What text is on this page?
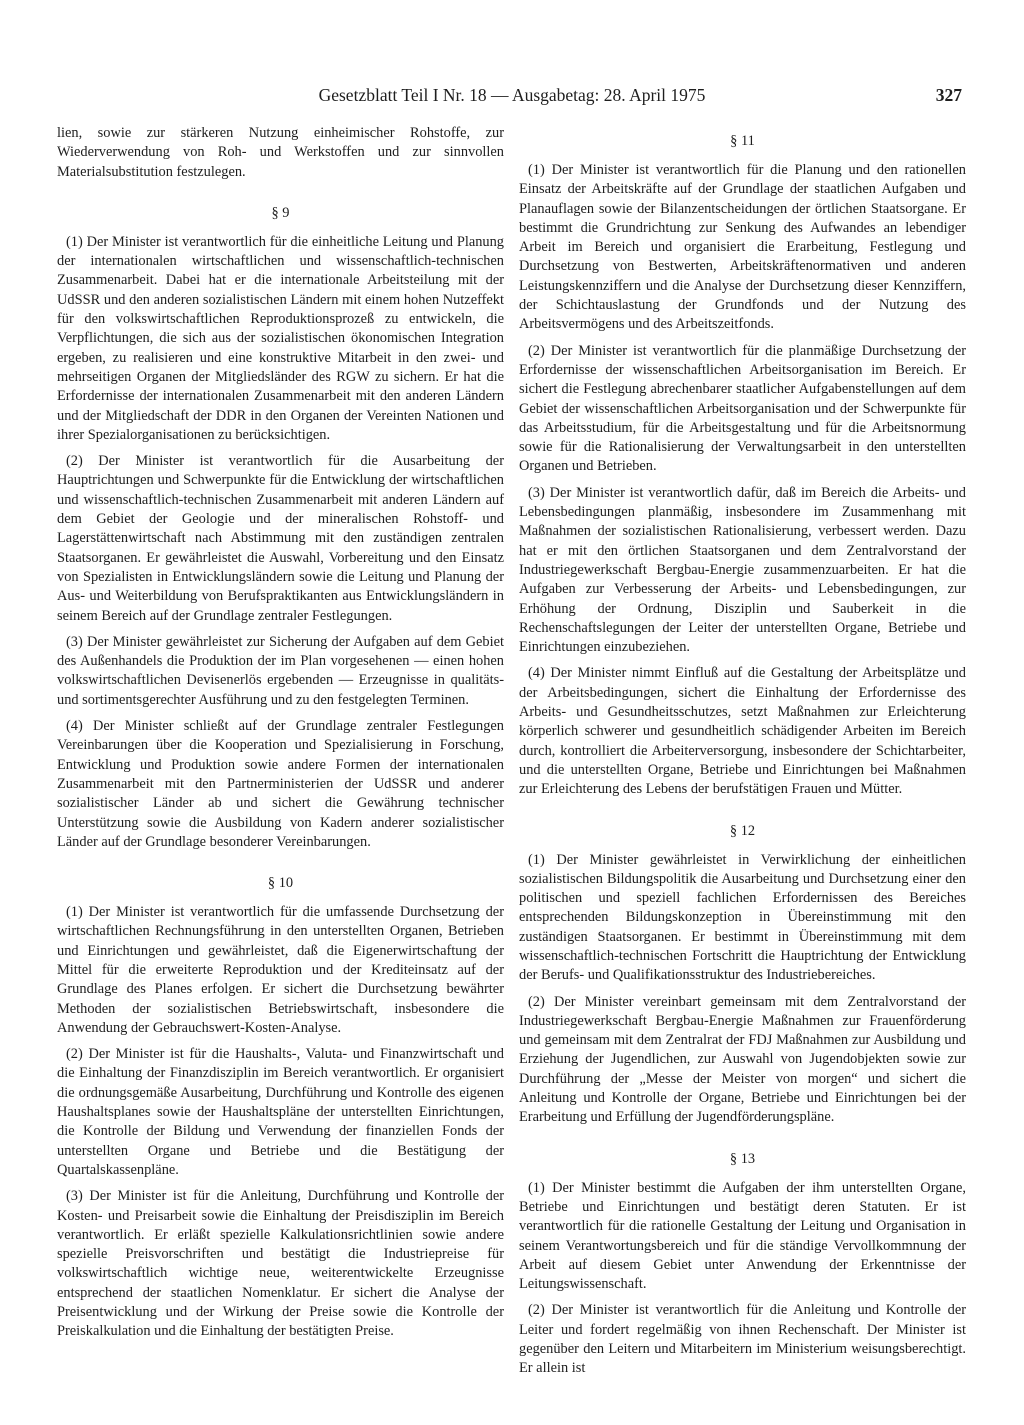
Gesetzblatt Teil I Nr. 18 — Ausgabetag: 28. April 1975	327

lien, sowie zur stärkeren Nutzung einheimischer Rohstoffe, zur Wiederverwendung von Roh- und Werkstoffen und zur sinnvollen Materialsubstitution festzulegen.

§ 9

(1) Der Minister ist verantwortlich für die einheitliche Leitung und Planung der internationalen wirtschaftlichen und wissenschaftlich-technischen Zusammenarbeit. Dabei hat er die internationale Arbeitsteilung mit der UdSSR und den anderen sozialistischen Ländern mit einem hohen Nutzeffekt für den volkswirtschaftlichen Reproduktionsprozeß zu entwickeln, die Verpflichtungen, die sich aus der sozialistischen ökonomischen Integration ergeben, zu realisieren und eine konstruktive Mitarbeit in den zwei- und mehrseitigen Organen der Mitgliedsländer des RGW zu sichern. Er hat die Erfordernisse der internationalen Zusammenarbeit mit den anderen Ländern und der Mitgliedschaft der DDR in den Organen der Vereinten Nationen und ihrer Spezialorganisationen zu berücksichtigen.

(2) Der Minister ist verantwortlich für die Ausarbeitung der Hauptrichtungen und Schwerpunkte für die Entwicklung der wirtschaftlichen und wissenschaftlich-technischen Zusammenarbeit mit anderen Ländern auf dem Gebiet der Geologie und der mineralischen Rohstoff- und Lagerstättenwirtschaft nach Abstimmung mit den zuständigen zentralen Staatsorganen. Er gewährleistet die Auswahl, Vorbereitung und den Einsatz von Spezialisten in Entwicklungsländern sowie die Leitung und Planung der Aus- und Weiterbildung von Berufspraktikanten aus Entwicklungsländern in seinem Bereich auf der Grundlage zentraler Festlegungen.

(3) Der Minister gewährleistet zur Sicherung der Aufgaben auf dem Gebiet des Außenhandels die Produktion der im Plan vorgesehenen — einen hohen volkswirtschaftlichen Devisenerlös ergebenden — Erzeugnisse in qualitäts- und sortimentsgerechter Ausführung und zu den festgelegten Terminen.

(4) Der Minister schließt auf der Grundlage zentraler Festlegungen Vereinbarungen über die Kooperation und Spezialisierung in Forschung, Entwicklung und Produktion sowie andere Formen der internationalen Zusammenarbeit mit den Partnerministerien der UdSSR und anderer sozialistischer Länder ab und sichert die Gewährung technischer Unterstützung sowie die Ausbildung von Kadern anderer sozialistischer Länder auf der Grundlage besonderer Vereinbarungen.

§ 10

(1) Der Minister ist verantwortlich für die umfassende Durchsetzung der wirtschaftlichen Rechnungsführung in den unterstellten Organen, Betrieben und Einrichtungen und gewährleistet, daß die Eigenerwirtschaftung der Mittel für die erweiterte Reproduktion und der Krediteinsatz auf der Grundlage des Planes erfolgen. Er sichert die Durchsetzung bewährter Methoden der sozialistischen Betriebswirtschaft, insbesondere die Anwendung der Gebrauchswert-Kosten-Analyse.

(2) Der Minister ist für die Haushalts-, Valuta- und Finanzwirtschaft und die Einhaltung der Finanzdisziplin im Bereich verantwortlich. Er organisiert die ordnungsgemäße Ausarbeitung, Durchführung und Kontrolle des eigenen Haushaltsplanes sowie der Haushaltspläne der unterstellten Einrichtungen, die Kontrolle der Bildung und Verwendung der finanziellen Fonds der unterstellten Organe und Betriebe und die Bestätigung der Quartalskassenpläne.

(3) Der Minister ist für die Anleitung, Durchführung und Kontrolle der Kosten- und Preisarbeit sowie die Einhaltung der Preisdisziplin im Bereich verantwortlich. Er erläßt spezielle Kalkulationsrichtlinien sowie andere spezielle Preisvorschriften und bestätigt die Industriepreise für volkswirtschaftlich wichtige neue, weiterentwickelte Erzeugnisse entsprechend der staatlichen Nomenklatur. Er sichert die Analyse der Preisentwicklung und der Wirkung der Preise sowie die Kontrolle der Preiskalkulation und die Einhaltung der bestätigten Preise.

§ 11

(1) Der Minister ist verantwortlich für die Planung und den rationellen Einsatz der Arbeitskräfte auf der Grundlage der staatlichen Aufgaben und Planauflagen sowie der Bilanzentscheidungen der örtlichen Staatsorgane. Er bestimmt die Grundrichtung zur Senkung des Aufwandes an lebendiger Arbeit im Bereich und organisiert die Erarbeitung, Festlegung und Durchsetzung von Bestwerten, Arbeitskräftenormativen und anderen Leistungskennziffern und die Analyse der Durchsetzung dieser Kennziffern, der Schichtauslastung der Grundfonds und der Nutzung des Arbeitsvermögens und des Arbeitszeitfonds.

(2) Der Minister ist verantwortlich für die planmäßige Durchsetzung der Erfordernisse der wissenschaftlichen Arbeitsorganisation im Bereich. Er sichert die Festlegung abrechenbarer staatlicher Aufgabenstellungen auf dem Gebiet der wissenschaftlichen Arbeitsorganisation und der Schwerpunkte für das Arbeitsstudium, für die Arbeitsgestaltung und für die Arbeitsnormung sowie für die Rationalisierung der Verwaltungsarbeit in den unterstellten Organen und Betrieben.

(3) Der Minister ist verantwortlich dafür, daß im Bereich die Arbeits- und Lebensbedingungen planmäßig, insbesondere im Zusammenhang mit Maßnahmen der sozialistischen Rationalisierung, verbessert werden. Dazu hat er mit den örtlichen Staatsorganen und dem Zentralvorstand der Industriegewerkschaft Bergbau-Energie zusammenzuarbeiten. Er hat die Aufgaben zur Verbesserung der Arbeits- und Lebensbedingungen, zur Erhöhung der Ordnung, Disziplin und Sauberkeit in die Rechenschaftslegungen der Leiter der unterstellten Organe, Betriebe und Einrichtungen einzubeziehen.

(4) Der Minister nimmt Einfluß auf die Gestaltung der Arbeitsplätze und der Arbeitsbedingungen, sichert die Einhaltung der Erfordernisse des Arbeits- und Gesundheitsschutzes, setzt Maßnahmen zur Erleichterung körperlich schwerer und gesundheitlich schädigender Arbeiten im Bereich durch, kontrolliert die Arbeiterversorgung, insbesondere der Schichtarbeiter, und die unterstellten Organe, Betriebe und Einrichtungen bei Maßnahmen zur Erleichterung des Lebens der berufstätigen Frauen und Mütter.

§ 12

(1) Der Minister gewährleistet in Verwirklichung der einheitlichen sozialistischen Bildungspolitik die Ausarbeitung und Durchsetzung einer den politischen und speziell fachlichen Erfordernissen des Bereiches entsprechenden Bildungskonzeption in Übereinstimmung mit den zuständigen Staatsorganen. Er bestimmt in Übereinstimmung mit dem wissenschaftlich-technischen Fortschritt die Hauptrichtung der Entwicklung der Berufs- und Qualifikationsstruktur des Industriebereiches.

(2) Der Minister vereinbart gemeinsam mit dem Zentralvorstand der Industriegewerkschaft Bergbau-Energie Maßnahmen zur Frauenförderung und gemeinsam mit dem Zentralrat der FDJ Maßnahmen zur Ausbildung und Erziehung der Jugendlichen, zur Auswahl von Jugendobjekten sowie zur Durchführung der „Messe der Meister von morgen“ und sichert die Anleitung und Kontrolle der Organe, Betriebe und Einrichtungen bei der Erarbeitung und Erfüllung der Jugendförderungspläne.

§ 13

(1) Der Minister bestimmt die Aufgaben der ihm unterstellten Organe, Betriebe und Einrichtungen und bestätigt deren Statuten. Er ist verantwortlich für die rationelle Gestaltung der Leitung und Organisation in seinem Verantwortungsbereich und für die ständige Vervollkommnung der Arbeit auf diesem Gebiet unter Anwendung der Erkenntnisse der Leitungswissenschaft.

(2) Der Minister ist verantwortlich für die Anleitung und Kontrolle der Leiter und fordert regelmäßig von ihnen Rechenschaft. Der Minister ist gegenüber den Leitern und Mitarbeitern im Ministerium weisungsberechtigt. Er allein ist
